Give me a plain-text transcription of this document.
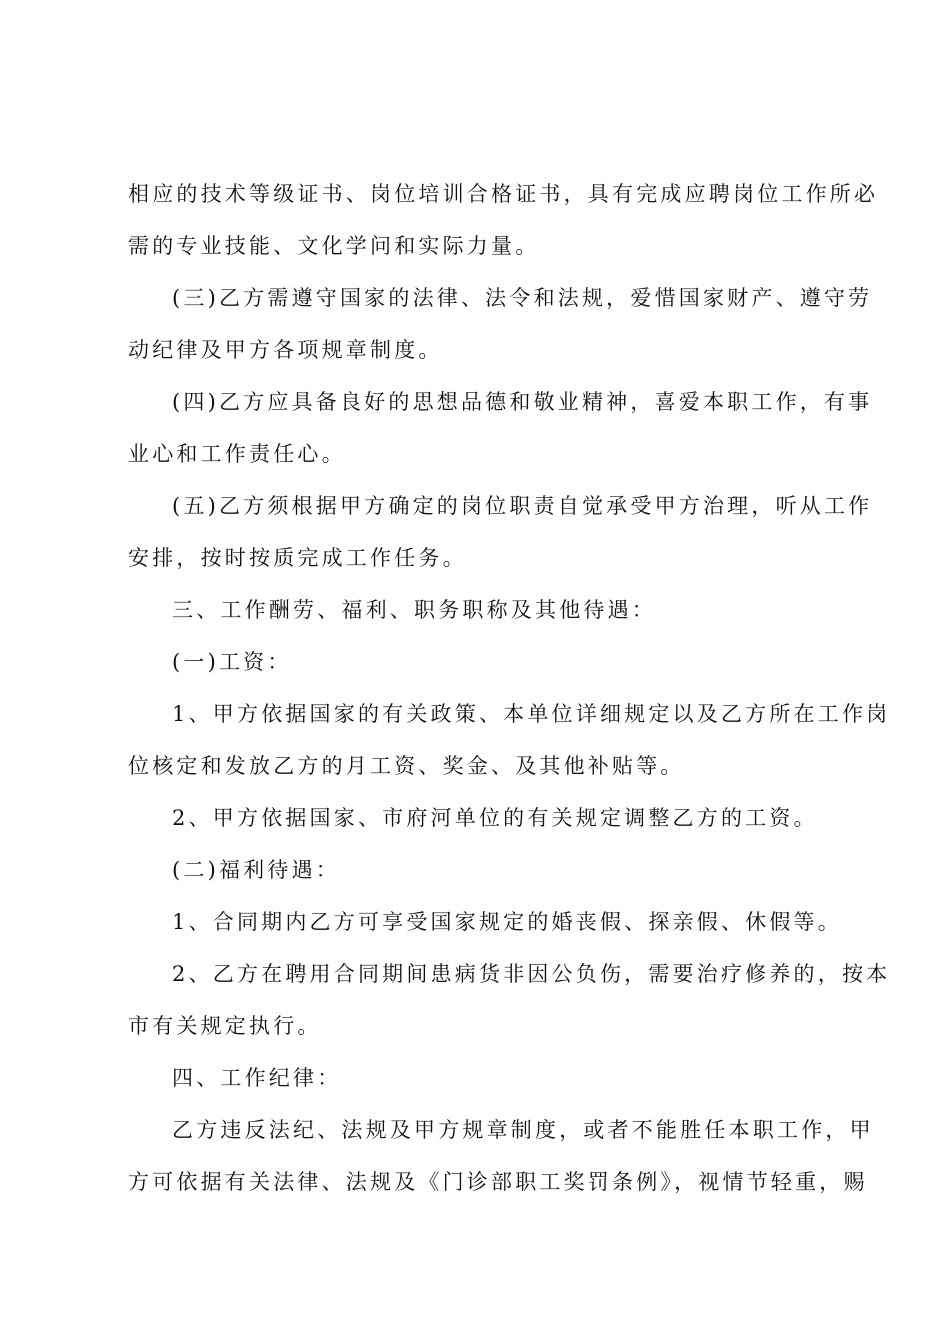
相应的技术等级证书、岗位培训合格证书，具有完成应聘岗位工作所必
需的专业技能、文化学问和实际力量。
(三)乙方需遵守国家的法律、法令和法规，爱惜国家财产、遵守劳
动纪律及甲方各项规章制度。
(四)乙方应具备良好的思想品德和敬业精神，喜爱本职工作，有事
业心和工作责任心。
(五)乙方须根据甲方确定的岗位职责自觉承受甲方治理，听从工作
安排，按时按质完成工作任务。
三、工作酬劳、福利、职务职称及其他待遇：
(一)工资：
1、甲方依据国家的有关政策、本单位详细规定以及乙方所在工作岗
位核定和发放乙方的月工资、奖金、及其他补贴等。
2、甲方依据国家、市府河单位的有关规定调整乙方的工资。
(二)福利待遇：
1、合同期内乙方可享受国家规定的婚丧假、探亲假、休假等。
2、乙方在聘用合同期间患病货非因公负伤，需要治疗修养的，按本
市有关规定执行。
四、工作纪律：
乙方违反法纪、法规及甲方规章制度，或者不能胜任本职工作，甲
方可依据有关法律、法规及《门诊部职工奖罚条例》，视情节轻重，赐
